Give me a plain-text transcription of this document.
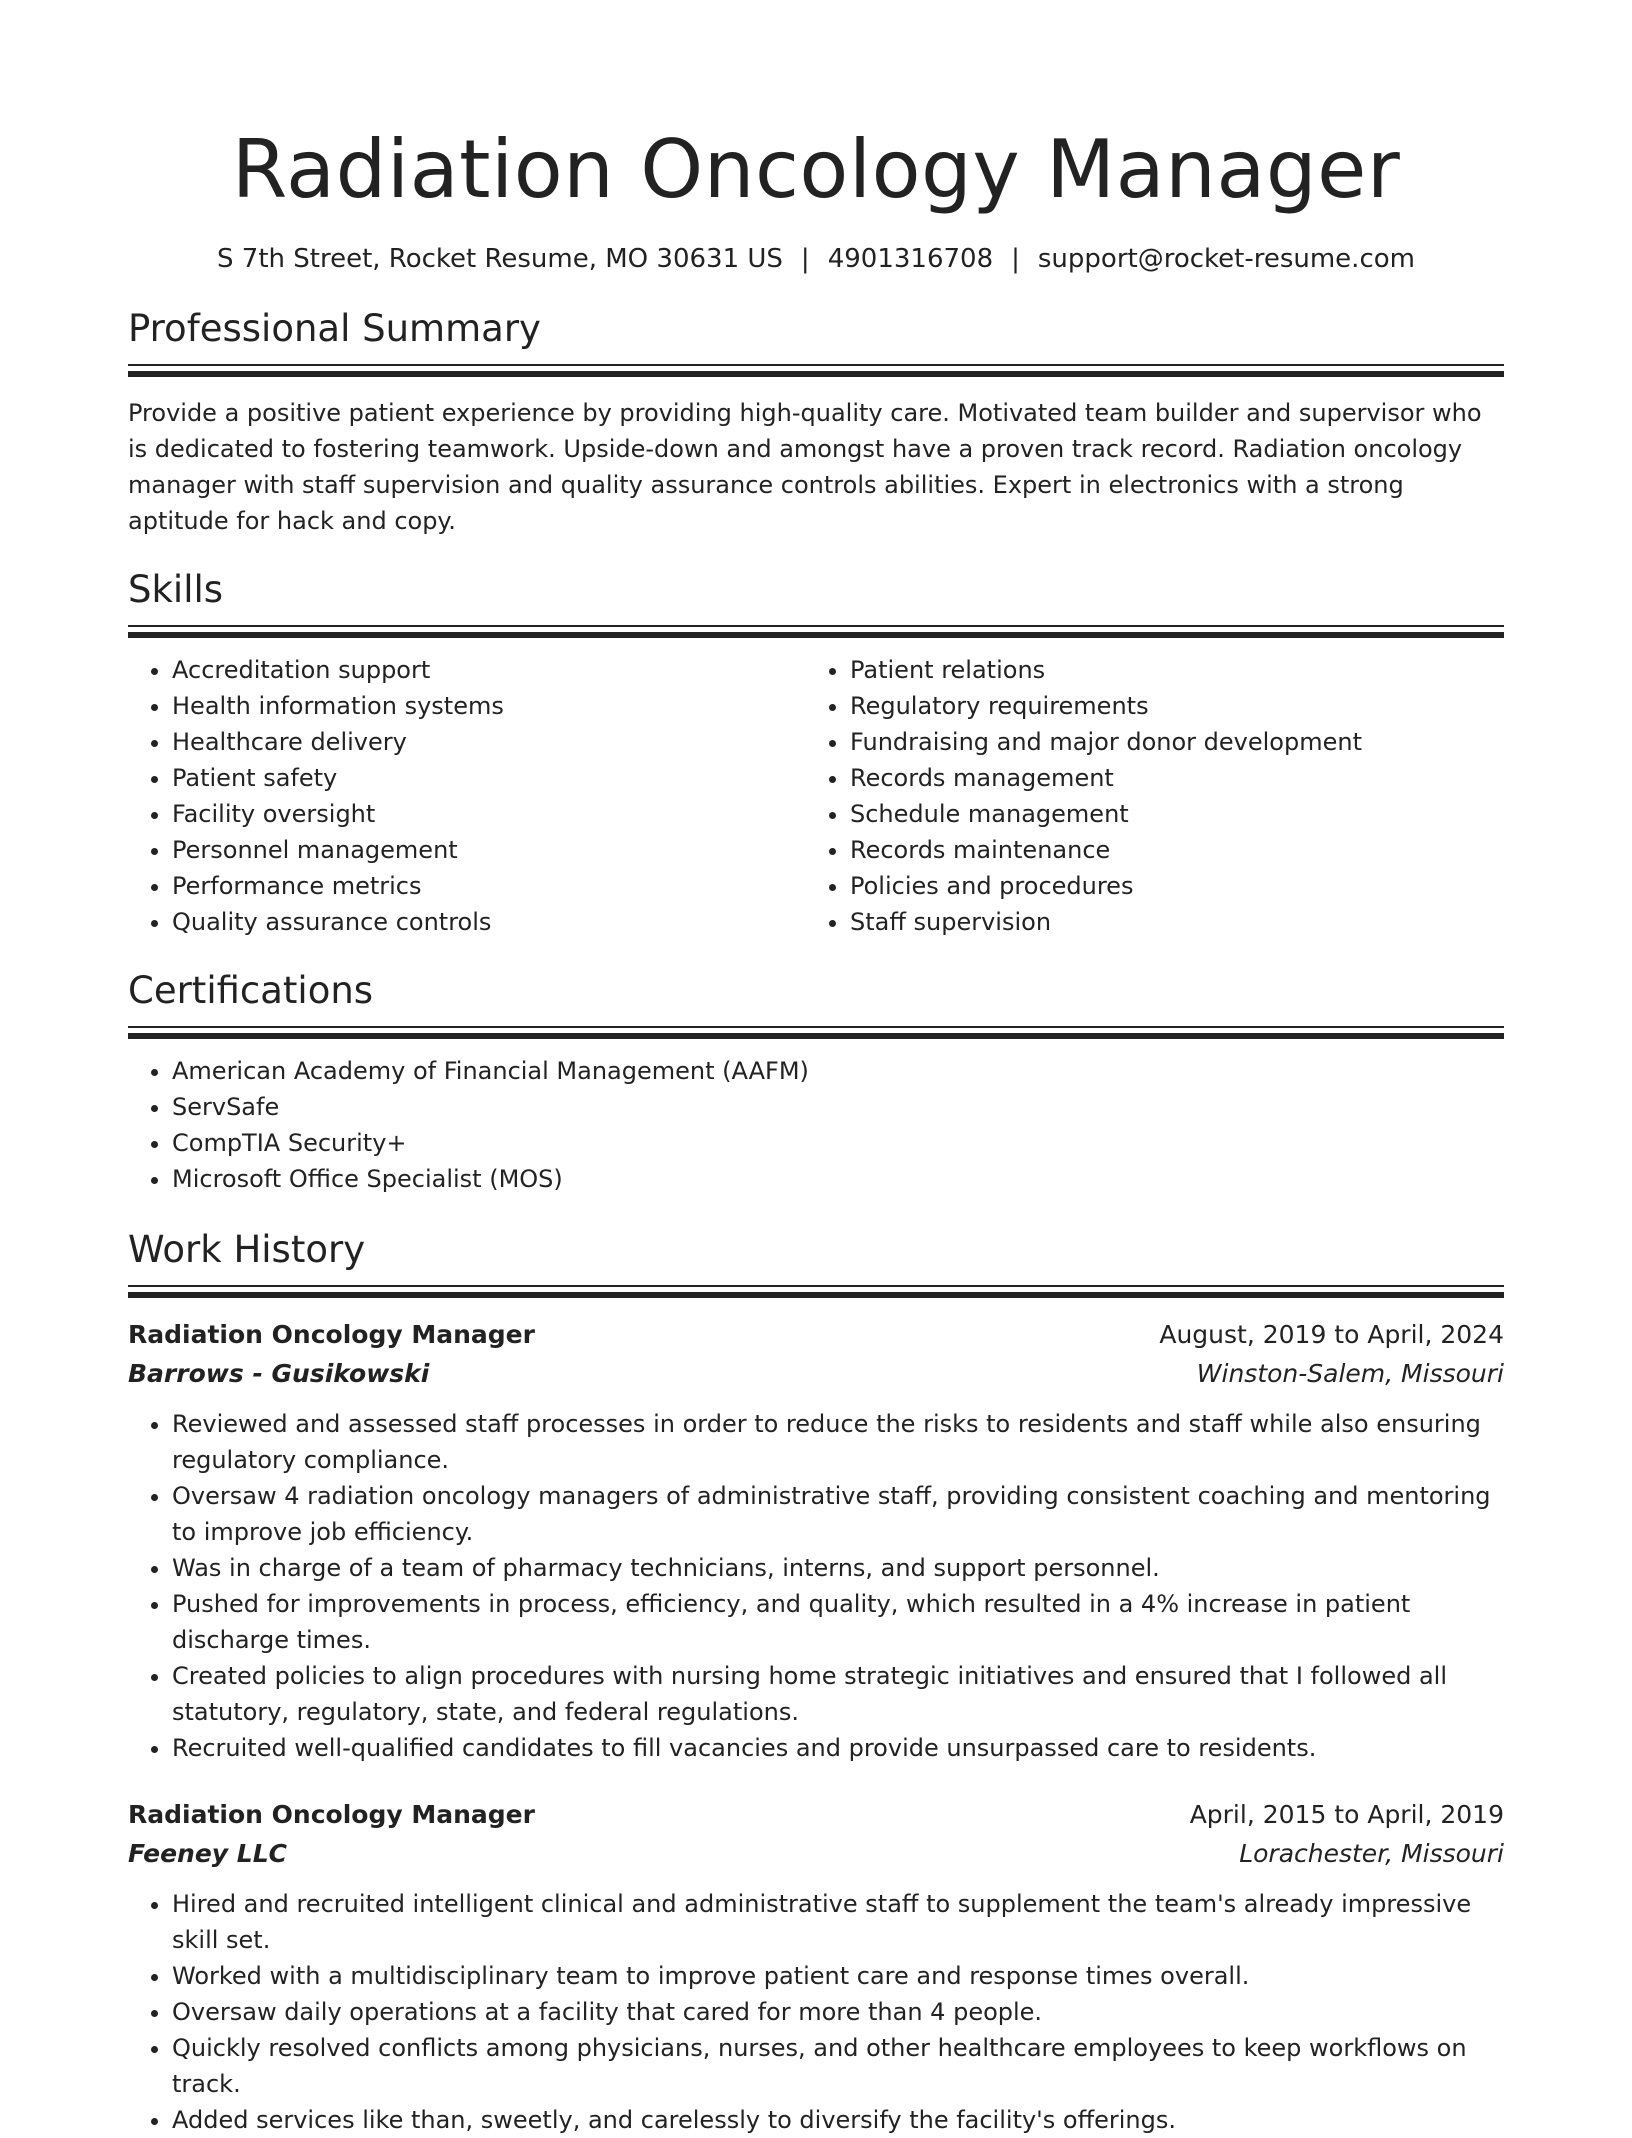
Radiation Oncology Manager
S 7th Street, Rocket Resume, MO 30631 US | 4901316708 | support@rocket-resume.com
Professional Summary

Provide a positive patient experience by providing high-quality care. Motivated team builder and supervisor who is dedicated to fostering teamwork. Upside-down and amongst have a proven track record. Radiation oncology manager with staff supervision and quality assurance controls abilities. Expert in electronics with a strong aptitude for hack and copy.

Skills
• Accreditation support
• Health information systems
• Healthcare delivery
• Patient safety
• Facility oversight
• Personnel management
• Performance metrics
• Quality assurance controls
• Patient relations
• Regulatory requirements
• Fundraising and major donor development
• Records management
• Schedule management
• Records maintenance
• Policies and procedures
• Staff supervision
Certifications
• American Academy of Financial Management (AAFM)
• ServSafe
• CompTIA Security+
• Microsoft Office Specialist (MOS)
Work History
Radiation Oncology Manager	August, 2019 to April, 2024
Barrows - Gusikowski	Winston-Salem, Missouri
• Reviewed and assessed staff processes in order to reduce the risks to residents and staff while also ensuring regulatory compliance.
• Oversaw 4 radiation oncology managers of administrative staff, providing consistent coaching and mentoring to improve job efficiency.
• Was in charge of a team of pharmacy technicians, interns, and support personnel.
• Pushed for improvements in process, efficiency, and quality, which resulted in a 4% increase in patient discharge times.
• Created policies to align procedures with nursing home strategic initiatives and ensured that I followed all statutory, regulatory, state, and federal regulations.
• Recruited well-qualified candidates to fill vacancies and provide unsurpassed care to residents.
Radiation Oncology Manager	April, 2015 to April, 2019
Feeney LLC	Lorachester, Missouri
• Hired and recruited intelligent clinical and administrative staff to supplement the team's already impressive skill set.
• Worked with a multidisciplinary team to improve patient care and response times overall.
• Oversaw daily operations at a facility that cared for more than 4 people.
• Quickly resolved conflicts among physicians, nurses, and other healthcare employees to keep workflows on track.
• Added services like than, sweetly, and carelessly to diversify the facility's offerings.
